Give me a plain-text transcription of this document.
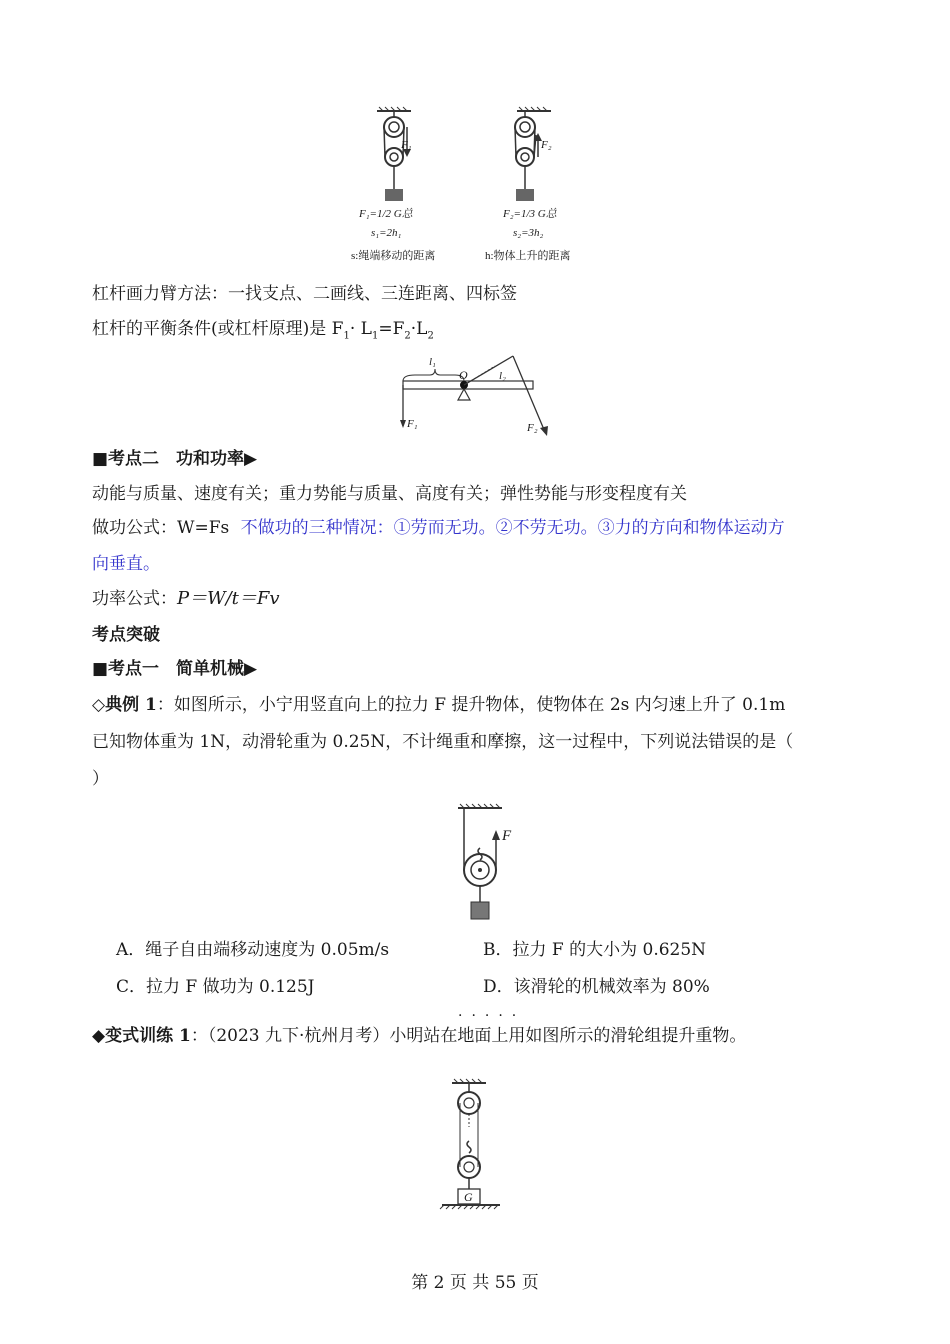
F₁	F₂
F₁=1/2 G总
s₁=2h₁
s:绳端移动的距离
F₂=1/3 G总
s₂=3h₂
h:物体上升的距离
杠杆画力臂方法：一找支点、二画线、三连距离、四标签
杠杆的平衡条件(或杠杆原理)是 $F_1\cdot L_1=F_2\cdot L_2$
l₁
l₂
O
F₁	F₂
■考点二　功和功率▶
动能与质量、速度有关；重力势能与质量、高度有关；弹性势能与形变程度有关
做功公式：W=Fs 不做功的三种情况：①劳而无功。②不劳无功。③力的方向和物体运动方
向垂直。
功率公式：P＝W/t＝Fv
考点突破
■考点一　简单机械▶
◇典例 1：如图所示，小宁用竖直向上的拉力 F 提升物体，使物体在 2s 内匀速上升了 0.1m
已知物体重为 1N，动滑轮重为 0.25N，不计绳重和摩擦，这一过程中，下列说法错误的是（
）
F
A．绳子自由端移动速度为 0.05m/s	B．拉力 F 的大小为 0.625N
C．拉力 F 做功为 0.125J	D．该滑轮的机械效率为 80%
·····
◆变式训练 1：（2023 九下·杭州月考）小明站在地面上用如图所示的滑轮组提升重物。
G
第 2 页 共 55 页
